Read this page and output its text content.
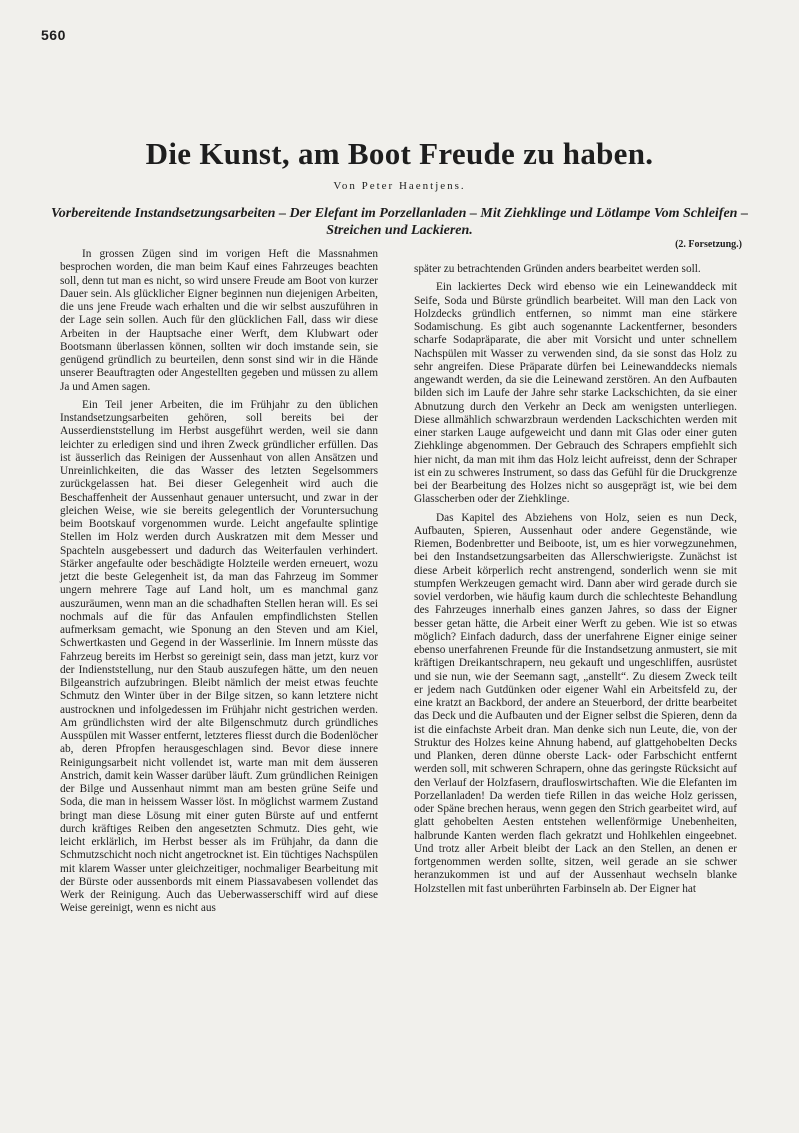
560
Die Kunst, am Boot Freude zu haben.
Von Peter Haentjens.
Vorbereitende Instandsetzungsarbeiten – Der Elefant im Porzellanladen – Mit Ziehklinge und Lötlampe Vom Schleifen – Streichen und Lackieren.
(2. Forsetzung.)

In grossen Zügen sind im vorigen Heft die Massnahmen besprochen worden, die man beim Kauf eines Fahrzeuges beachten soll, denn tut man es nicht, so wird unsere Freude am Boot von kurzer Dauer sein. Als glücklicher Eigner beginnen nun diejenigen Arbeiten, die uns jene Freude wach erhalten und die wir selbst auszuführen in der Lage sein sollen. Auch für den glücklichen Fall, dass wir diese Arbeiten in der Hauptsache einer Werft, dem Klubwart oder Bootsmann überlassen können, sollten wir doch imstande sein, sie genügend gründlich zu beurteilen, denn sonst sind wir in die Hände unserer Beauftragten oder Angestellten gegeben und müssen zu allem Ja und Amen sagen.

Ein Teil jener Arbeiten, die im Frühjahr zu den üblichen Instandsetzungsarbeiten gehören, soll bereits bei der Ausserdienststellung im Herbst ausgeführt werden, weil sie dann leichter zu erledigen sind und ihren Zweck gründlicher erfüllen. Das ist äusserlich das Reinigen der Aussenhaut von allen Ansätzen und Unreinlichkeiten, die das Wasser des letzten Segelsommers zurückgelassen hat. Bei dieser Gelegenheit wird auch die Beschaffenheit der Aussenhaut genauer untersucht, und zwar in der gleichen Weise, wie sie bereits gelegentlich der Voruntersuchung beim Bootskauf vorgenommen wurde. Leicht angefaulte splintige Stellen im Holz werden durch Auskratzen mit dem Messer und Spachteln ausgebessert und dadurch das Weiterfaulen verhindert. Stärker angefaulte oder beschädigte Holzteile werden erneuert, wozu jetzt die beste Gelegenheit ist, da man das Fahrzeug im Sommer ungern mehrere Tage auf Land holt, um es manchmal ganz auszuräumen, wenn man an die schadhaften Stellen heran will. Es sei nochmals auf die für das Anfaulen empfindlichsten Stellen aufmerksam gemacht, wie Sponung an den Steven und am Kiel, Schwertkasten und Gegend in der Wasserlinie. Im Innern müsste das Fahrzeug bereits im Herbst so gereinigt sein, dass man jetzt, kurz vor der Indienststellung, nur den Staub auszufegen hätte, um den neuen Bilgeanstrich aufzubringen. Bleibt nämlich der meist etwas feuchte Schmutz den Winter über in der Bilge sitzen, so kann letztere nicht austrocknen und infolgedessen im Frühjahr nicht gestrichen werden. Am gründlichsten wird der alte Bilgenschmutz durch gründliches Ausspülen mit Wasser entfernt, letzteres fliesst durch die Bodenlöcher ab, deren Pfropfen herausgeschlagen sind. Bevor diese innere Reinigungsarbeit nicht vollendet ist, warte man mit dem äusseren Anstrich, damit kein Wasser darüber läuft. Zum gründlichen Reinigen der Bilge und Aussenhaut nimmt man am besten grüne Seife und Soda, die man in heissem Wasser löst. In möglichst warmem Zustand bringt man diese Lösung mit einer guten Bürste auf und entfernt durch kräftiges Reiben den angesetzten Schmutz. Dies geht, wie leicht erklärlich, im Herbst besser als im Frühjahr, da dann die Schmutzschicht noch nicht angetrocknet ist. Ein tüchtiges Nachspülen mit klarem Wasser unter gleichzeitiger, nochmaliger Bearbeitung mit der Bürste oder aussenbords mit einem Piassavabesen vollendet das Werk der Reinigung. Auch das Ueberwasserschiff wird auf diese Weise gereinigt, wenn es nicht aus

später zu betrachtenden Gründen anders bearbeitet werden soll.

Ein lackiertes Deck wird ebenso wie ein Leinewanddeck mit Seife, Soda und Bürste gründlich bearbeitet. Will man den Lack von Holzdecks gründlich entfernen, so nimmt man eine stärkere Sodamischung. Es gibt auch sogenannte Lackentferner, besonders scharfe Sodapräparate, die aber mit Vorsicht und unter schnellem Nachspülen mit Wasser zu verwenden sind, da sie sonst das Holz zu sehr angreifen. Diese Präparate dürfen bei Leinewanddecks niemals angewandt werden, da sie die Leinewand zerstören. An den Aufbauten bilden sich im Laufe der Jahre sehr starke Lackschichten, da sie einer Abnutzung durch den Verkehr an Deck am wenigsten unterliegen. Diese allmählich schwarzbraun werdenden Lackschichten werden mit einer starken Lauge aufgeweicht und dann mit Glas oder einer guten Ziehklinge abgenommen. Der Gebrauch des Schrapers empfiehlt sich hier nicht, da man mit ihm das Holz leicht aufreisst, denn der Schraper ist ein zu schweres Instrument, so dass das Gefühl für die Druckgrenze bei der Bearbeitung des Holzes nicht so ausgeprägt ist, wie bei dem Glasscherben oder der Ziehklinge.

Das Kapitel des Abziehens von Holz, seien es nun Deck, Aufbauten, Spieren, Aussenhaut oder andere Gegenstände, wie Riemen, Bodenbretter und Beiboote, ist, um es hier vorwegzunehmen, bei den Instandsetzungsarbeiten das Allerschwierigste. Zunächst ist diese Arbeit körperlich recht anstrengend, sonderlich wenn sie mit stumpfen Werkzeugen gemacht wird. Dann aber wird gerade durch sie soviel verdorben, wie häufig kaum durch die schlechteste Behandlung des Fahrzeuges innerhalb eines ganzen Jahres, so dass der Eigner besser getan hätte, die Arbeit einer Werft zu geben. Wie ist so etwas möglich? Einfach dadurch, dass der unerfahrene Eigner einige seiner ebenso unerfahrenen Freunde für die Instandsetzung anmustert, sie mit kräftigen Dreikantschrapern, neu gekauft und ungeschliffen, ausrüstet und sie nun, wie der Seemann sagt, „anstellt“. Zu diesem Zweck teilt er jedem nach Gutdünken oder eigener Wahl ein Arbeitsfeld zu, der eine kratzt an Backbord, der andere an Steuerbord, der dritte bearbeitet das Deck und die Aufbauten und der Eigner selbst die Spieren, denn da ist die einfachste Arbeit dran. Man denke sich nun Leute, die, von der Struktur des Holzes keine Ahnung habend, auf glattgehobelten Decks und Planken, deren dünne oberste Lack- oder Farbschicht entfernt werden soll, mit schweren Schrapern, ohne das geringste Rücksicht auf den Verlauf der Holzfasern, draufloswirtschaften. Wie die Elefanten im Porzellanladen! Da werden tiefe Rillen in das weiche Holz gerissen, oder Späne brechen heraus, wenn gegen den Strich gearbeitet wird, auf glatt gehobelten Aesten entstehen wellenförmige Unebenheiten, halbrunde Kanten werden flach gekratzt und Hohlkehlen eingeebnet. Und trotz aller Arbeit bleibt der Lack an den Stellen, an denen er fortgenommen werden sollte, sitzen, weil gerade an sie schwer heranzukommen ist und auf der Aussenhaut wechseln blanke Holzstellen mit fast unberührten Farbinseln ab. Der Eigner hat
